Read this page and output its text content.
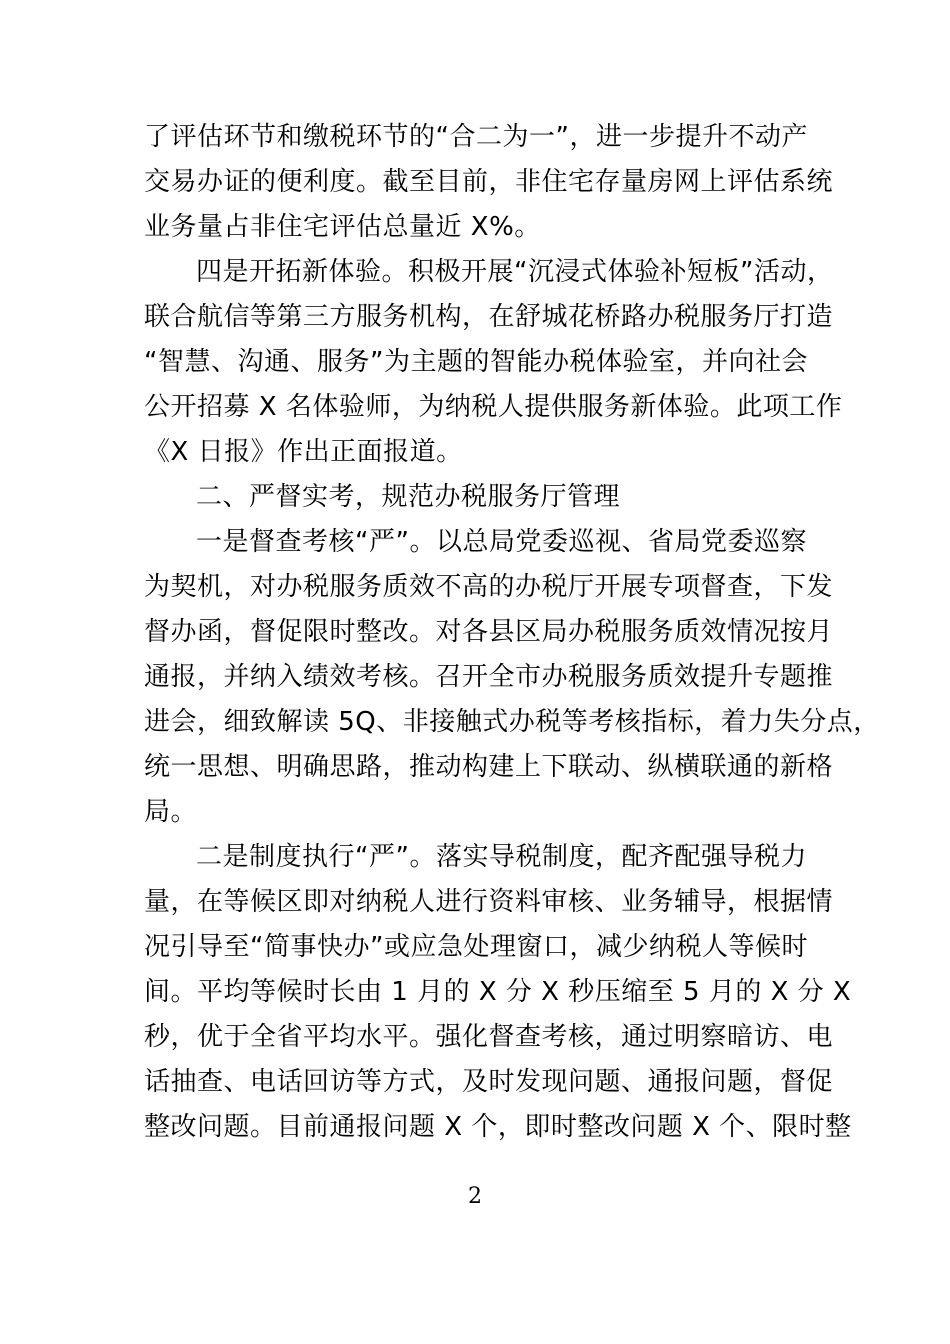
了评估环节和缴税环节的“合二为一”，进一步提升不动产
交易办证的便利度。截至目前，非住宅存量房网上评估系统
业务量占非住宅评估总量近 X%。
四是开拓新体验。积极开展“沉浸式体验补短板”活动，
联合航信等第三方服务机构，在舒城花桥路办税服务厅打造
“智慧、沟通、服务”为主题的智能办税体验室，并向社会
公开招募 X 名体验师，为纳税人提供服务新体验。此项工作
《X 日报》作出正面报道。
二、严督实考，规范办税服务厅管理
一是督查考核“严”。以总局党委巡视、省局党委巡察
为契机，对办税服务质效不高的办税厅开展专项督查，下发
督办函，督促限时整改。对各县区局办税服务质效情况按月
通报，并纳入绩效考核。召开全市办税服务质效提升专题推
进会，细致解读 5Q、非接触式办税等考核指标，着力失分点，
统一思想、明确思路，推动构建上下联动、纵横联通的新格
局。
二是制度执行“严”。落实导税制度，配齐配强导税力
量，在等候区即对纳税人进行资料审核、业务辅导，根据情
况引导至“简事快办”或应急处理窗口，减少纳税人等候时
间。平均等候时长由 1 月的 X 分 X 秒压缩至 5 月的 X 分 X
秒，优于全省平均水平。强化督查考核，通过明察暗访、电
话抽查、电话回访等方式，及时发现问题、通报问题，督促
整改问题。目前通报问题 X 个，即时整改问题 X 个、限时整
2
